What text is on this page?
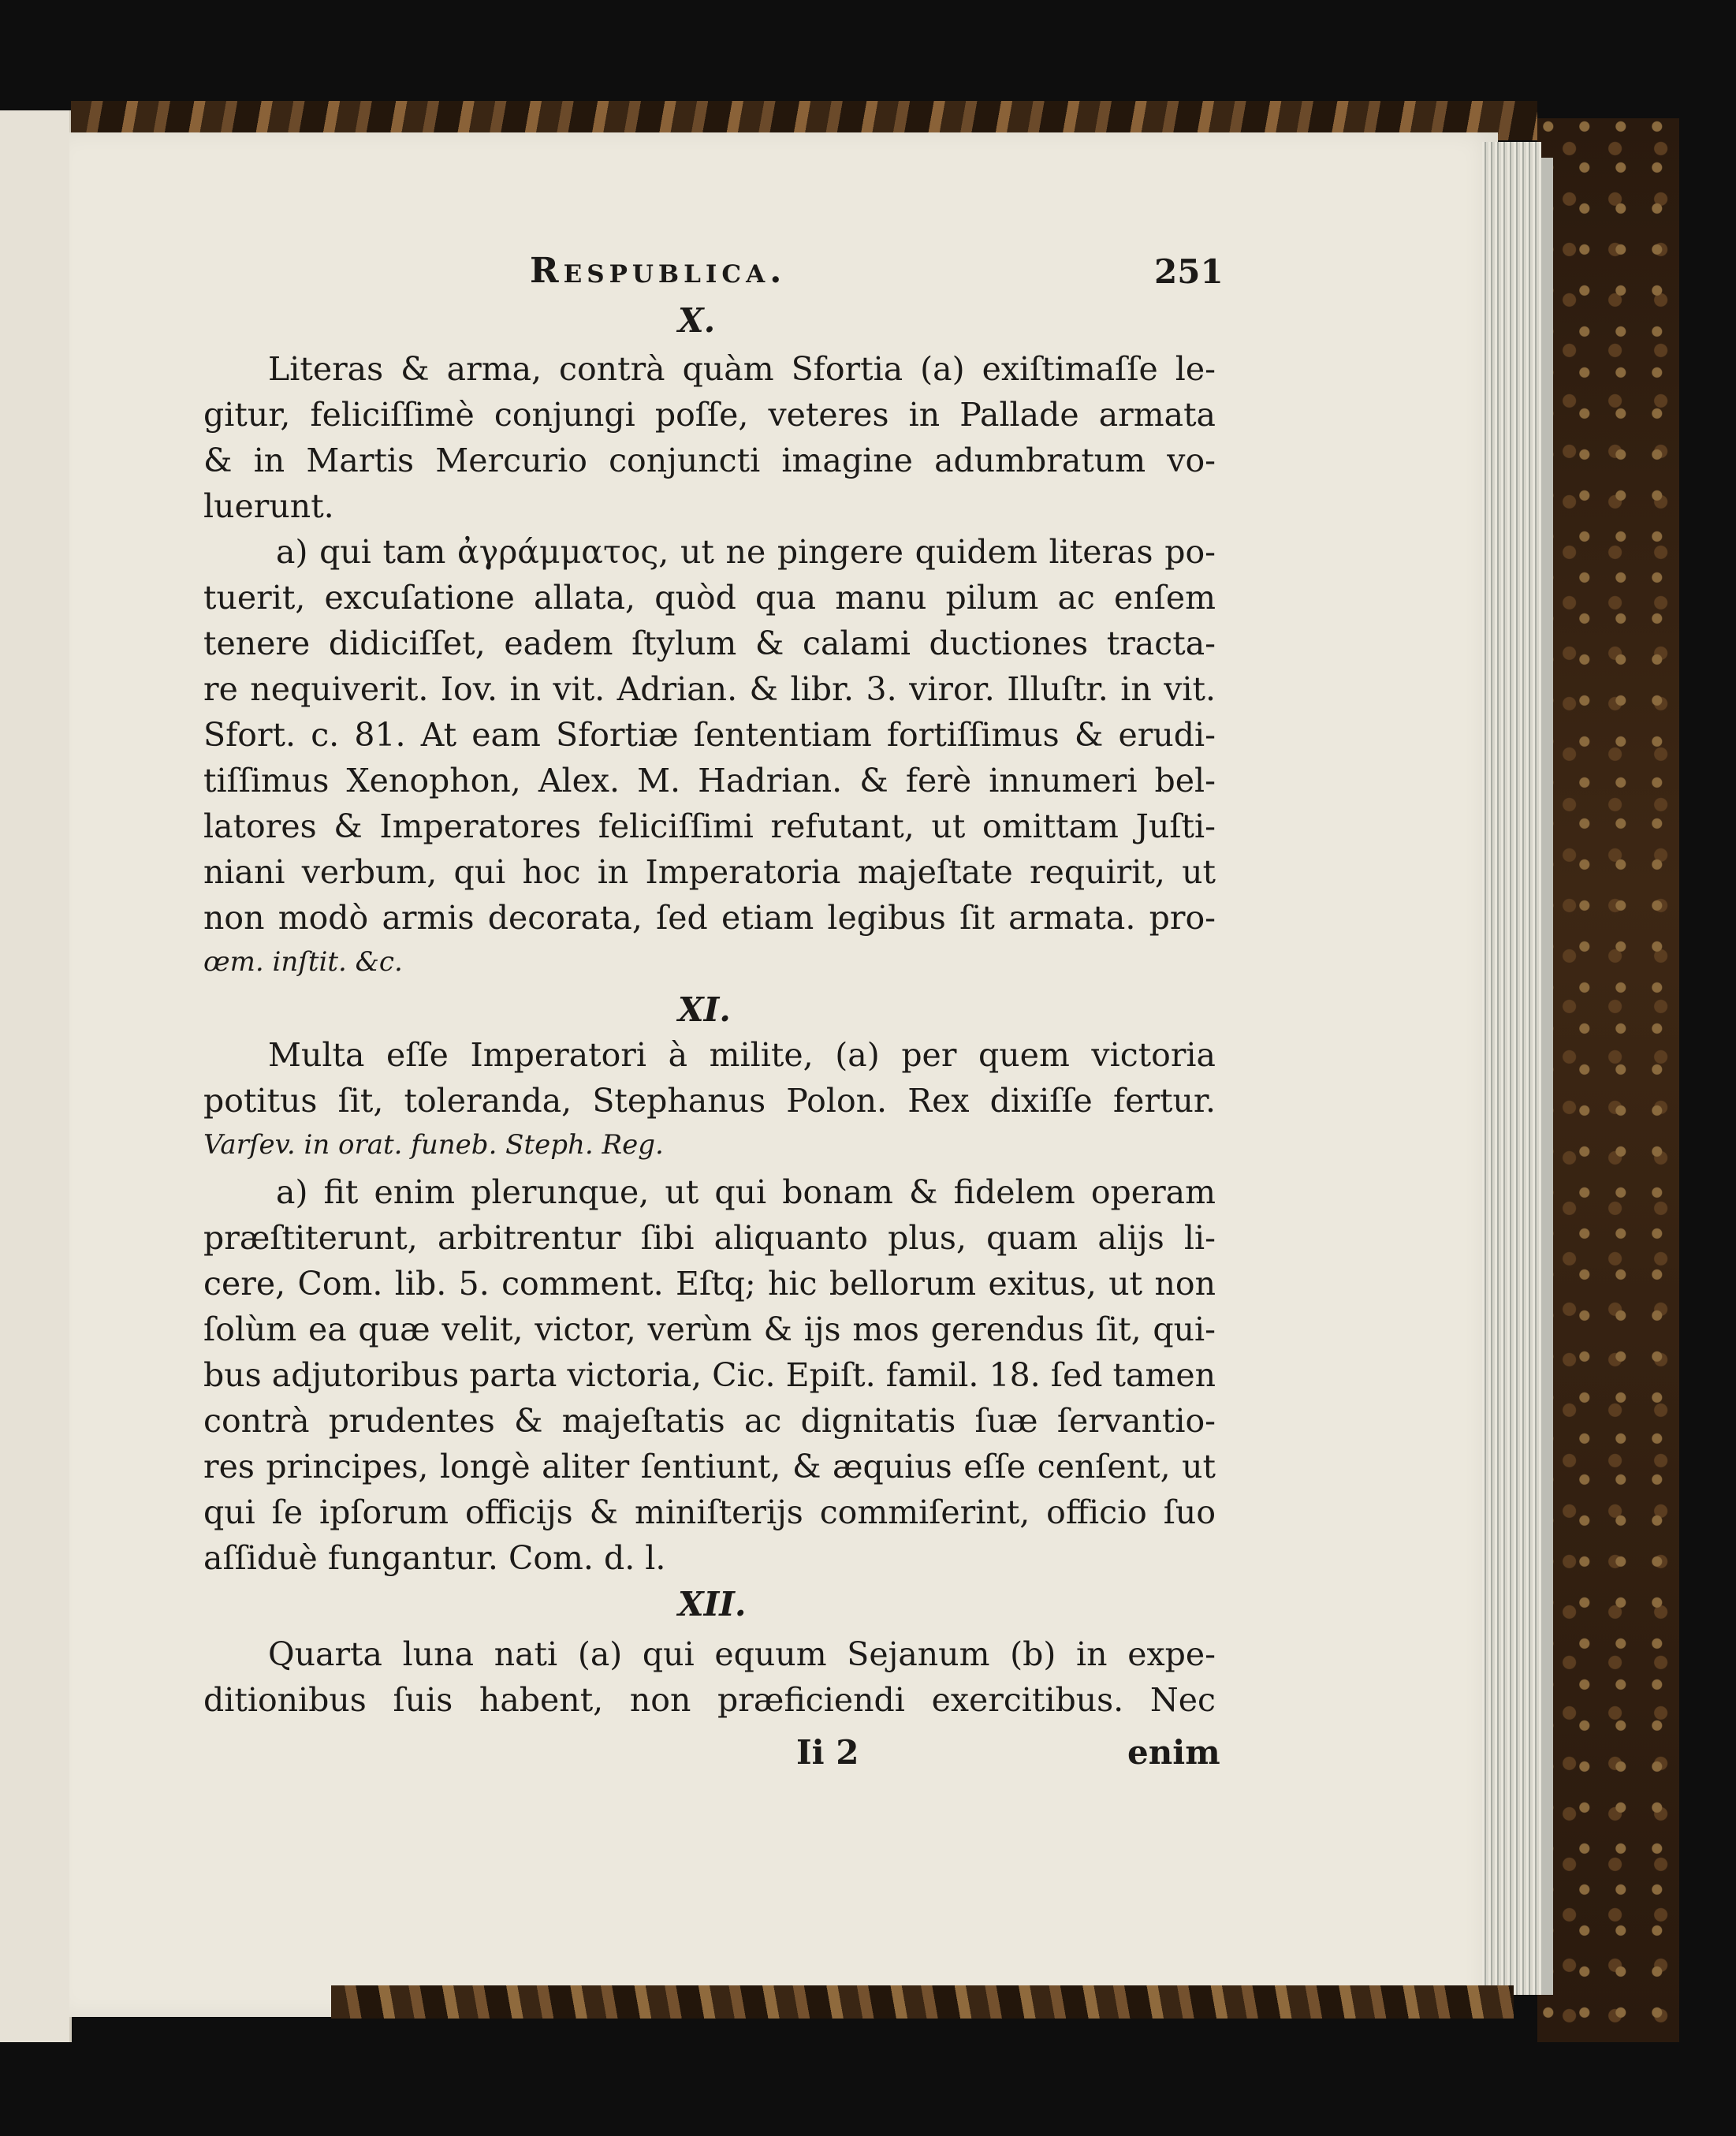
Respublica.	251
X.
Literas & arma, contrà quàm Sfortia (a) exiſtimaſſe le-
gitur, feliciſſimè conjungi poſſe, veteres in Pallade armata
& in Martis Mercurio conjuncti imagine adumbratum vo-
luerunt.
a) qui tam ἀγράμματος, ut ne pingere quidem literas po-
tuerit, excuſatione allata, quòd qua manu pilum ac enſem
tenere didiciſſet, eadem ſtylum & calami ductiones tracta-
re nequiverit. Iov. in vit. Adrian. & libr. 3. viror. Illuſtr. in vit.
Sfort. c. 81. At eam Sfortiæ ſententiam fortiſſimus & erudi-
tiſſimus Xenophon, Alex. M. Hadrian. & ferè innumeri bel-
latores & Imperatores feliciſſimi refutant, ut omittam Juſti-
niani verbum, qui hoc in Imperatoria majeſtate requirit, ut
non modò armis decorata, ſed etiam legibus ſit armata. pro-
œm. inſtit. &c.
XI.
Multa eſſe Imperatori à milite, (a) per quem victoria
potitus ſit, toleranda, Stephanus Polon. Rex dixiſſe fertur.
Varſev. in orat. funeb. Steph. Reg.
a) fit enim plerunque, ut qui bonam & fidelem operam
præſtiterunt, arbitrentur ſibi aliquanto plus, quam alijs li-
cere, Com. lib. 5. comment. Eſtq; hic bellorum exitus, ut non
ſolùm ea quæ velit, victor, verùm & ijs mos gerendus ſit, qui-
bus adjutoribus parta victoria, Cic. Epiſt. famil. 18. ſed tamen
contrà prudentes & majeſtatis ac dignitatis ſuæ ſervantio-
res principes, longè aliter ſentiunt, & æquius eſſe cenſent, ut
qui ſe ipſorum officijs & miniſterijs commiſerint, officio ſuo
aſſiduè fungantur. Com. d. l.
XII.
Quarta luna nati (a) qui equum Sejanum (b) in expe-
ditionibus ſuis habent, non præficiendi exercitibus. Nec
Ii 2	enim
